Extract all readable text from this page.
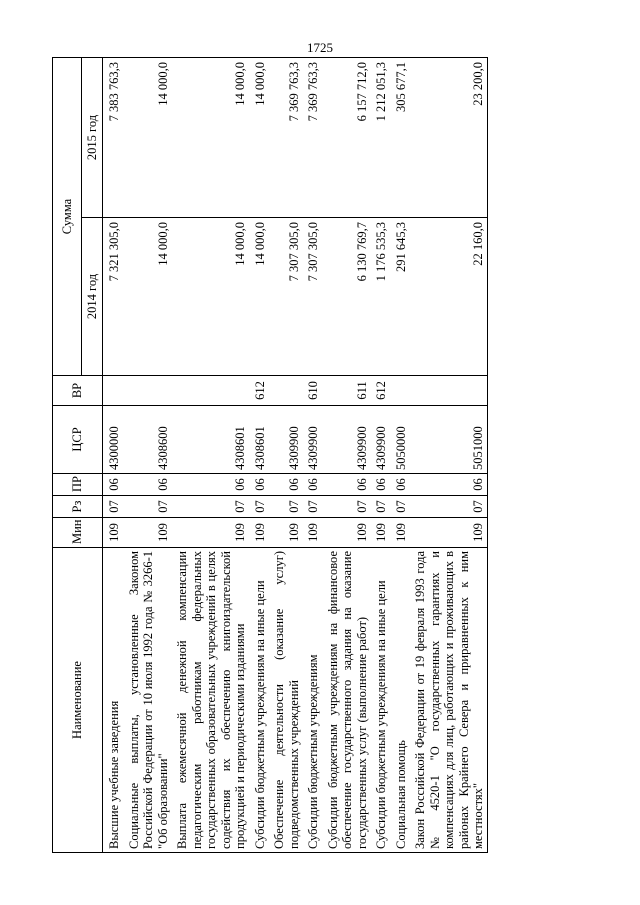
1725
Наименование	Мин	Рз	ПР	ЦСР	ВР	Сумма	
						2014 год	2015 год
Высшие учебные заведения	109	07	06	4300000		7 321 305,0	7 383 763,3
Социальные выплаты, установленные Законом Российской Федерации от 10 июля 1992 года № 3266-1 "Об образовании"	109	07	06	4308600		14 000,0	14 000,0
Выплата ежемесячной денежной компенсации педагогическим работникам федеральных государственных образовательных учреждений в целях содействия их обеспечению книгоиздательской продукцией и периодическими изданиями	109	07	06	4308601		14 000,0	14 000,0
Субсидии бюджетным учреждениям на иные цели	109	07	06	4308601	612	14 000,0	14 000,0
Обеспечение деятельности (оказание услуг) подведомственных учреждений	109	07	06	4309900		7 307 305,0	7 369 763,3
Субсидии бюджетным учреждениям	109	07	06	4309900	610	7 307 305,0	7 369 763,3
Субсидии бюджетным учреждениям на финансовое обеспечение государственного задания на оказание государственных услуг (выполнение работ)	109	07	06	4309900	611	6 130 769,7	6 157 712,0
Субсидии бюджетным учреждениям на иные цели	109	07	06	4309900	612	1 176 535,3	1 212 051,3
Социальная помощь	109	07	06	5050000		291 645,3	305 677,1
Закон Российской Федерации от 19 февраля 1993 года № 4520-1 "О государственных гарантиях и компенсациях для лиц, работающих и проживающих в районах Крайнего Севера и приравненных к ним местностях"	109	07	06	5051000		22 160,0	23 200,0
